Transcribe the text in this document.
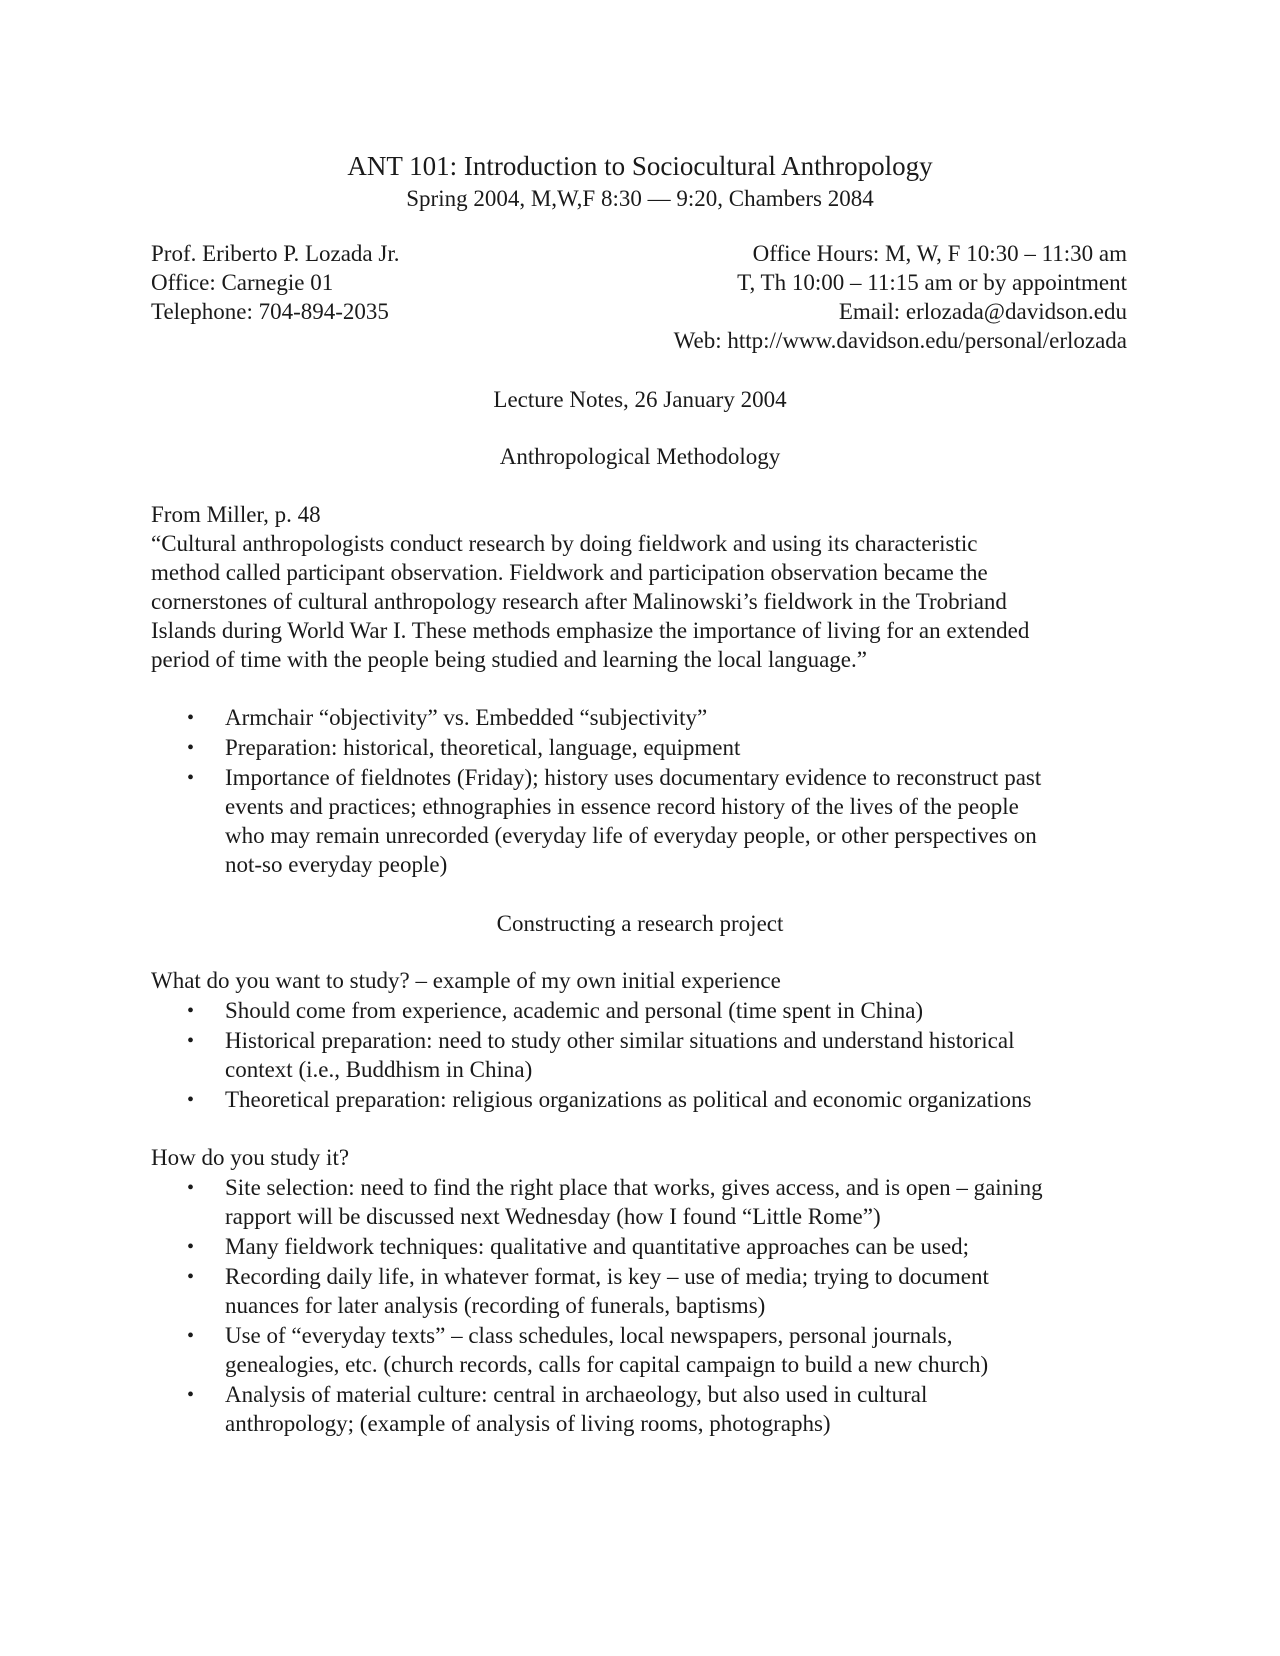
ANT 101: Introduction to Sociocultural Anthropology
Spring 2004, M,W,F 8:30 — 9:20, Chambers 2084
Prof. Eriberto P. Lozada Jr.
Office: Carnegie 01
Telephone: 704-894-2035
Office Hours: M, W, F 10:30 – 11:30 am
T, Th 10:00 – 11:15 am or by appointment
Email: erlozada@davidson.edu
Web: http://www.davidson.edu/personal/erlozada
Lecture Notes, 26 January 2004
Anthropological Methodology
From Miller, p. 48
“Cultural anthropologists conduct research by doing fieldwork and using its characteristic
method called participant observation. Fieldwork and participation observation became the
cornerstones of cultural anthropology research after Malinowski’s fieldwork in the Trobriand
Islands during World War I. These methods emphasize the importance of living for an extended
period of time with the people being studied and learning the local language.”
• Armchair “objectivity” vs. Embedded “subjectivity”
• Preparation: historical, theoretical, language, equipment
• Importance of fieldnotes (Friday); history uses documentary evidence to reconstruct past
events and practices; ethnographies in essence record history of the lives of the people
who may remain unrecorded (everyday life of everyday people, or other perspectives on
not-so everyday people)
Constructing a research project
What do you want to study? – example of my own initial experience
• Should come from experience, academic and personal (time spent in China)
• Historical preparation: need to study other similar situations and understand historical
context (i.e., Buddhism in China)
• Theoretical preparation: religious organizations as political and economic organizations
How do you study it?
• Site selection: need to find the right place that works, gives access, and is open – gaining
rapport will be discussed next Wednesday (how I found “Little Rome”)
• Many fieldwork techniques: qualitative and quantitative approaches can be used;
• Recording daily life, in whatever format, is key – use of media; trying to document
nuances for later analysis (recording of funerals, baptisms)
• Use of “everyday texts” – class schedules, local newspapers, personal journals,
genealogies, etc. (church records, calls for capital campaign to build a new church)
• Analysis of material culture: central in archaeology, but also used in cultural
anthropology; (example of analysis of living rooms, photographs)
